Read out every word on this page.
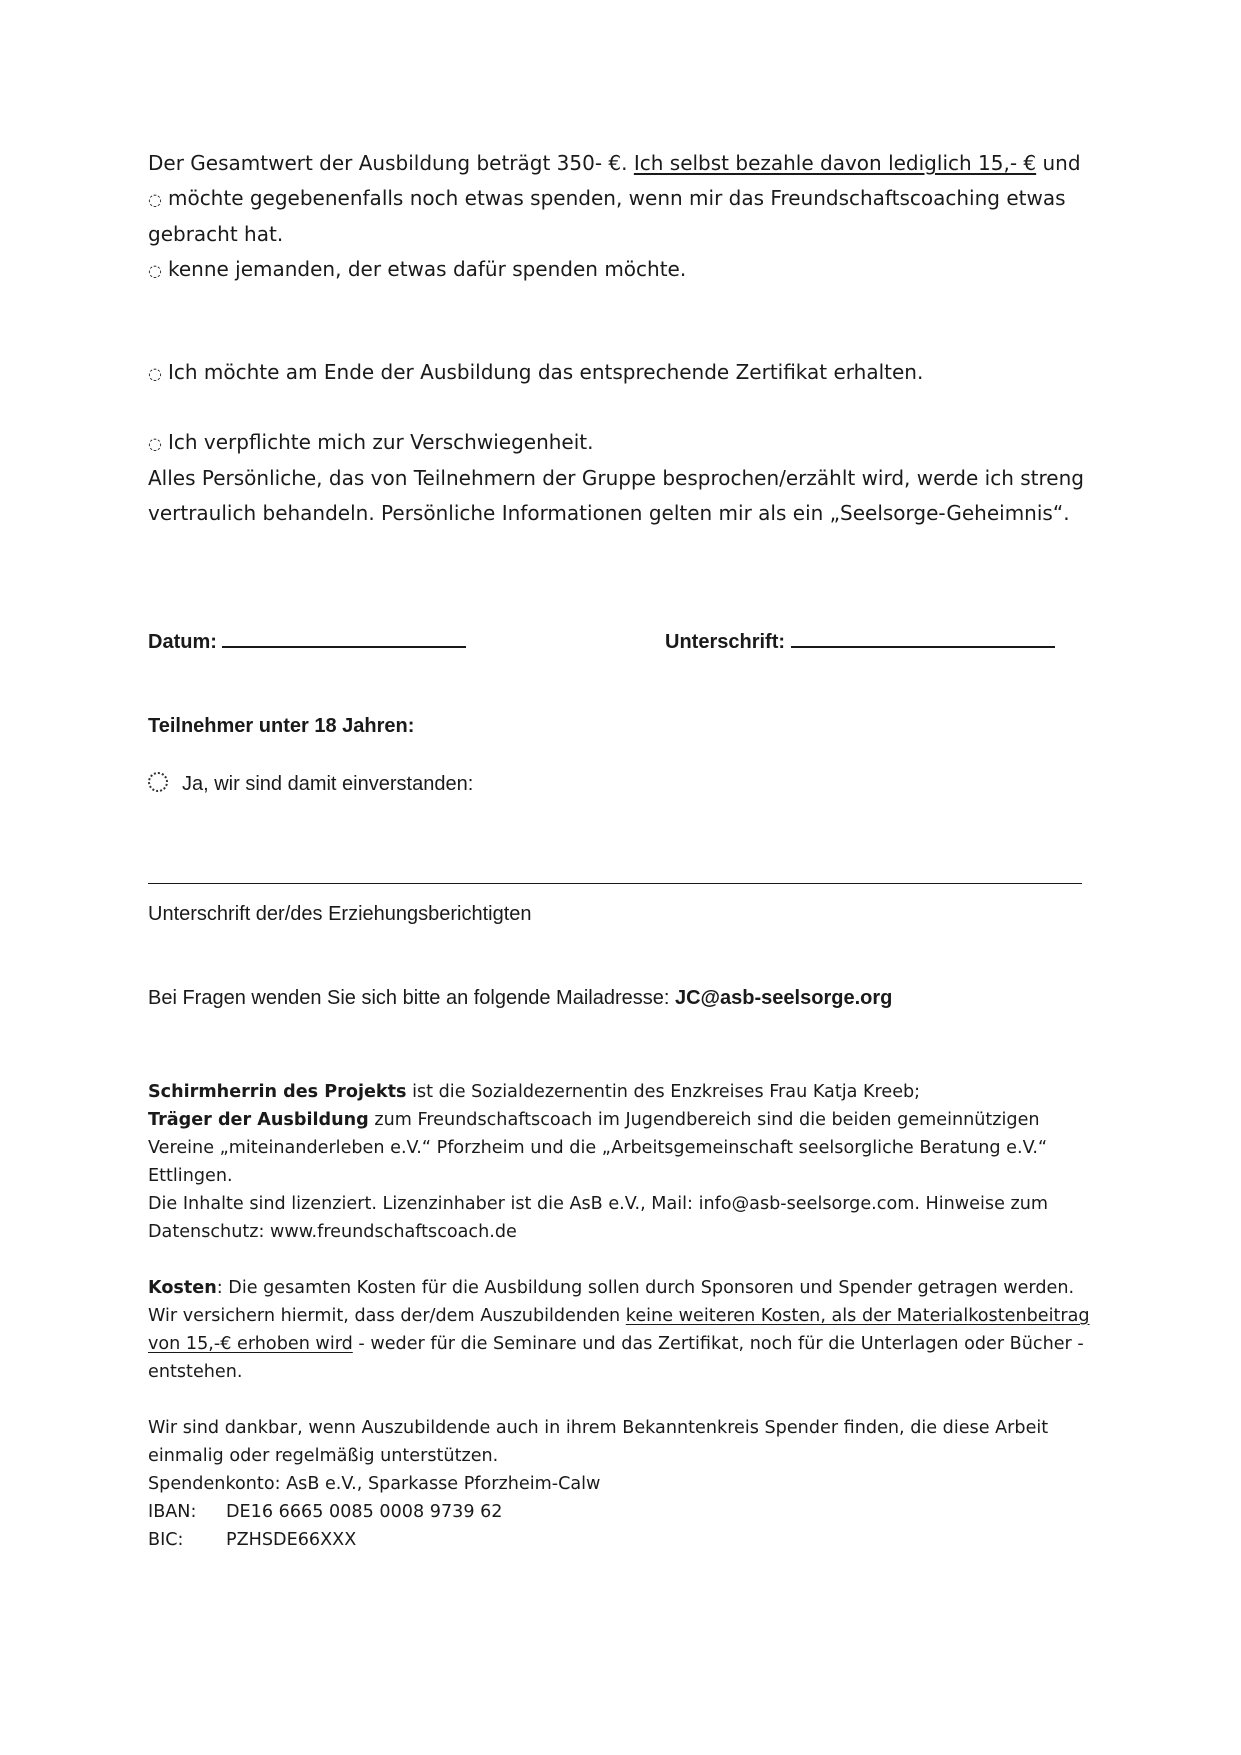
Der Gesamtwert der Ausbildung beträgt 350- €. Ich selbst bezahle davon lediglich 15,- € und
◌ möchte gegebenenfalls noch etwas spenden, wenn mir das Freundschaftscoaching etwas gebracht hat.
◌ kenne jemanden, der etwas dafür spenden möchte.
◌ Ich möchte am Ende der Ausbildung das entsprechende Zertifikat erhalten.
◌ Ich verpflichte mich zur Verschwiegenheit.
Alles Persönliche, das von Teilnehmern der Gruppe besprochen/erzählt wird, werde ich streng vertraulich behandeln. Persönliche Informationen gelten mir als ein „Seelsorge-Geheimnis“.
Datum:	Unterschrift:
Teilnehmer unter 18 Jahren:
Ja, wir sind damit einverstanden:
Unterschrift der/des Erziehungsberichtigten
Bei Fragen wenden Sie sich bitte an folgende Mailadresse: JC@asb-seelsorge.org
Schirmherrin des Projekts ist die Sozialdezernentin des Enzkreises Frau Katja Kreeb;
Träger der Ausbildung zum Freundschaftscoach im Jugendbereich sind die beiden gemeinnützigen Vereine „miteinanderleben e.V.“ Pforzheim und die „Arbeitsgemeinschaft seelsorgliche Beratung e.V.“ Ettlingen.
Die Inhalte sind lizenziert. Lizenzinhaber ist die AsB e.V., Mail: info@asb-seelsorge.com. Hinweise zum Datenschutz: www.freundschaftscoach.de
Kosten: Die gesamten Kosten für die Ausbildung sollen durch Sponsoren und Spender getragen werden. Wir versichern hiermit, dass der/dem Auszubildenden keine weiteren Kosten, als der Materialkostenbeitrag von 15,-€ erhoben wird - weder für die Seminare und das Zertifikat, noch für die Unterlagen oder Bücher - entstehen.
Wir sind dankbar, wenn Auszubildende auch in ihrem Bekanntenkreis Spender finden, die diese Arbeit einmalig oder regelmäßig unterstützen.
Spendenkonto: AsB e.V., Sparkasse Pforzheim-Calw
IBAN:	DE16 6665 0085 0008 9739 62
BIC:	PZHSDE66XXX
